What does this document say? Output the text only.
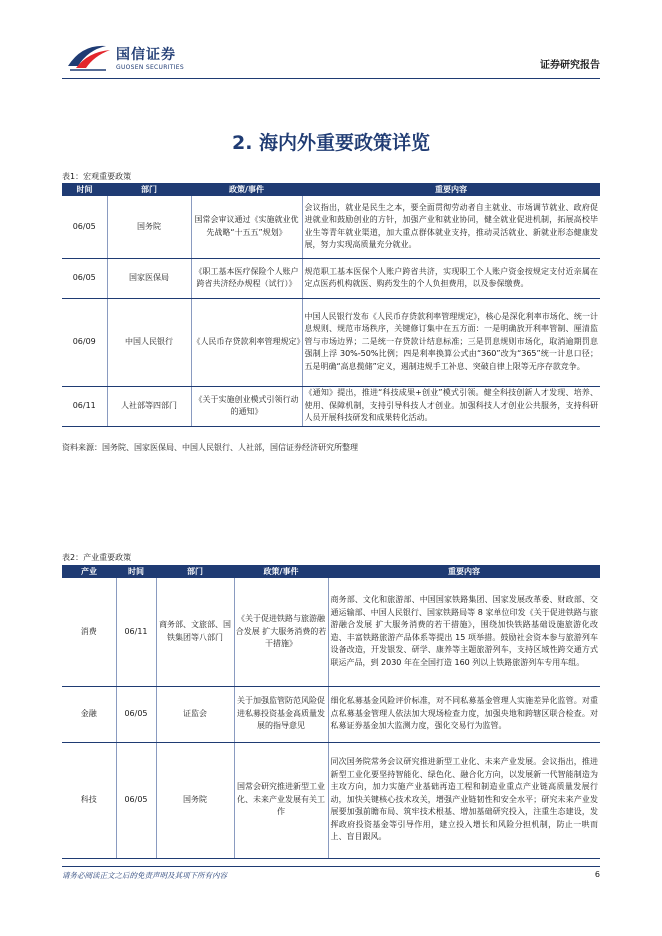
国信证券
GUOSEN SECURITIES	证券研究报告
2. 海内外重要政策详览
表1：宏观重要政策
时间	部门	政策/事件	重要内容
06/05	国务院	国常会审议通过《实施就业优先战略“十五五”规划》	会议指出，就业是民生之本，要全面贯彻劳动者自主就业、市场调节就业、政府促进就业和鼓励创业的方针，加强产业和就业协同，健全就业促进机制，拓展高校毕业生等青年就业渠道，加大重点群体就业支持，推动灵活就业、新就业形态健康发展，努力实现高质量充分就业。
06/05	国家医保局	《职工基本医疗保险个人账户跨省共济经办规程（试行）》	规范职工基本医保个人账户跨省共济，实现职工个人账户资金按规定支付近亲属在定点医药机构就医、购药发生的个人负担费用，以及参保缴费。
06/09	中国人民银行	《人民币存贷款利率管理规定》	中国人民银行发布《人民币存贷款利率管理规定》，核心是深化利率市场化、统一计息规则、规范市场秩序，关键修订集中在五方面：一是明确放开利率管制、厘清监管与市场边界；二是统一存贷款计结息标准；三是罚息规则市场化，取消逾期罚息强制上浮 30%-50%比例；四是利率换算公式由“360”改为“365”统一计息口径；五是明确“高息揽储”定义，遏制违规手工补息、突破自律上限等无序存款竞争。
06/11	人社部等四部门	《关于实施创业模式引领行动的通知》	《通知》提出，推进“科技成果+创业”模式引领。健全科技创新人才发现、培养、使用、保障机制，支持引导科技人才创业。加强科技人才创业公共服务，支持科研人员开展科技研发和成果转化活动。
资料来源：国务院、国家医保局、中国人民银行、人社部，国信证券经济研究所整理
表2：产业重要政策
产业	时间	部门	政策/事件	重要内容
消费	06/11	商务部、文旅部、国铁集团等八部门	《关于促进铁路与旅游融合发展 扩大服务消费的若干措施》	商务部、文化和旅游部、中国国家铁路集团、国家发展改革委、财政部、交通运输部、中国人民银行、国家铁路局等 8 家单位印发《关于促进铁路与旅游融合发展 扩大服务消费的若干措施》，围绕加快铁路基础设施旅游化改造、丰富铁路旅游产品体系等提出 15 项举措。鼓励社会资本参与旅游列车设备改造，开发银发、研学、康养等主题旅游列车，支持区域性跨交通方式联运产品，到 2030 年在全国打造 160 列以上铁路旅游列车专用车组。
金融	06/05	证监会	关于加强监管防范风险促进私募投资基金高质量发展的指导意见	细化私募基金风险评价标准，对不同私募基金管理人实施差异化监管。对重点私募基金管理人依法加大现场检查力度，加强央地和跨辖区联合检查。对私募证券基金加大监测力度，强化交易行为监管。
科技	06/05	国务院	国常会研究推进新型工业化、未来产业发展有关工作	同次国务院常务会议研究推进新型工业化、未来产业发展。会议指出，推进新型工业化要坚持智能化、绿色化、融合化方向，以发展新一代智能制造为主攻方向，加力实施产业基础再造工程和制造业重点产业链高质量发展行动，加快关键核心技术攻关，增强产业链韧性和安全水平；研究未来产业发展要加强前瞻布局、筑牢技术根基、增加基础研究投入，注重生态建设，发挥政府投资基金等引导作用，建立投入增长和风险分担机制，防止一哄而上、盲目跟风。
请务必阅读正文之后的免责声明及其项下所有内容	6
